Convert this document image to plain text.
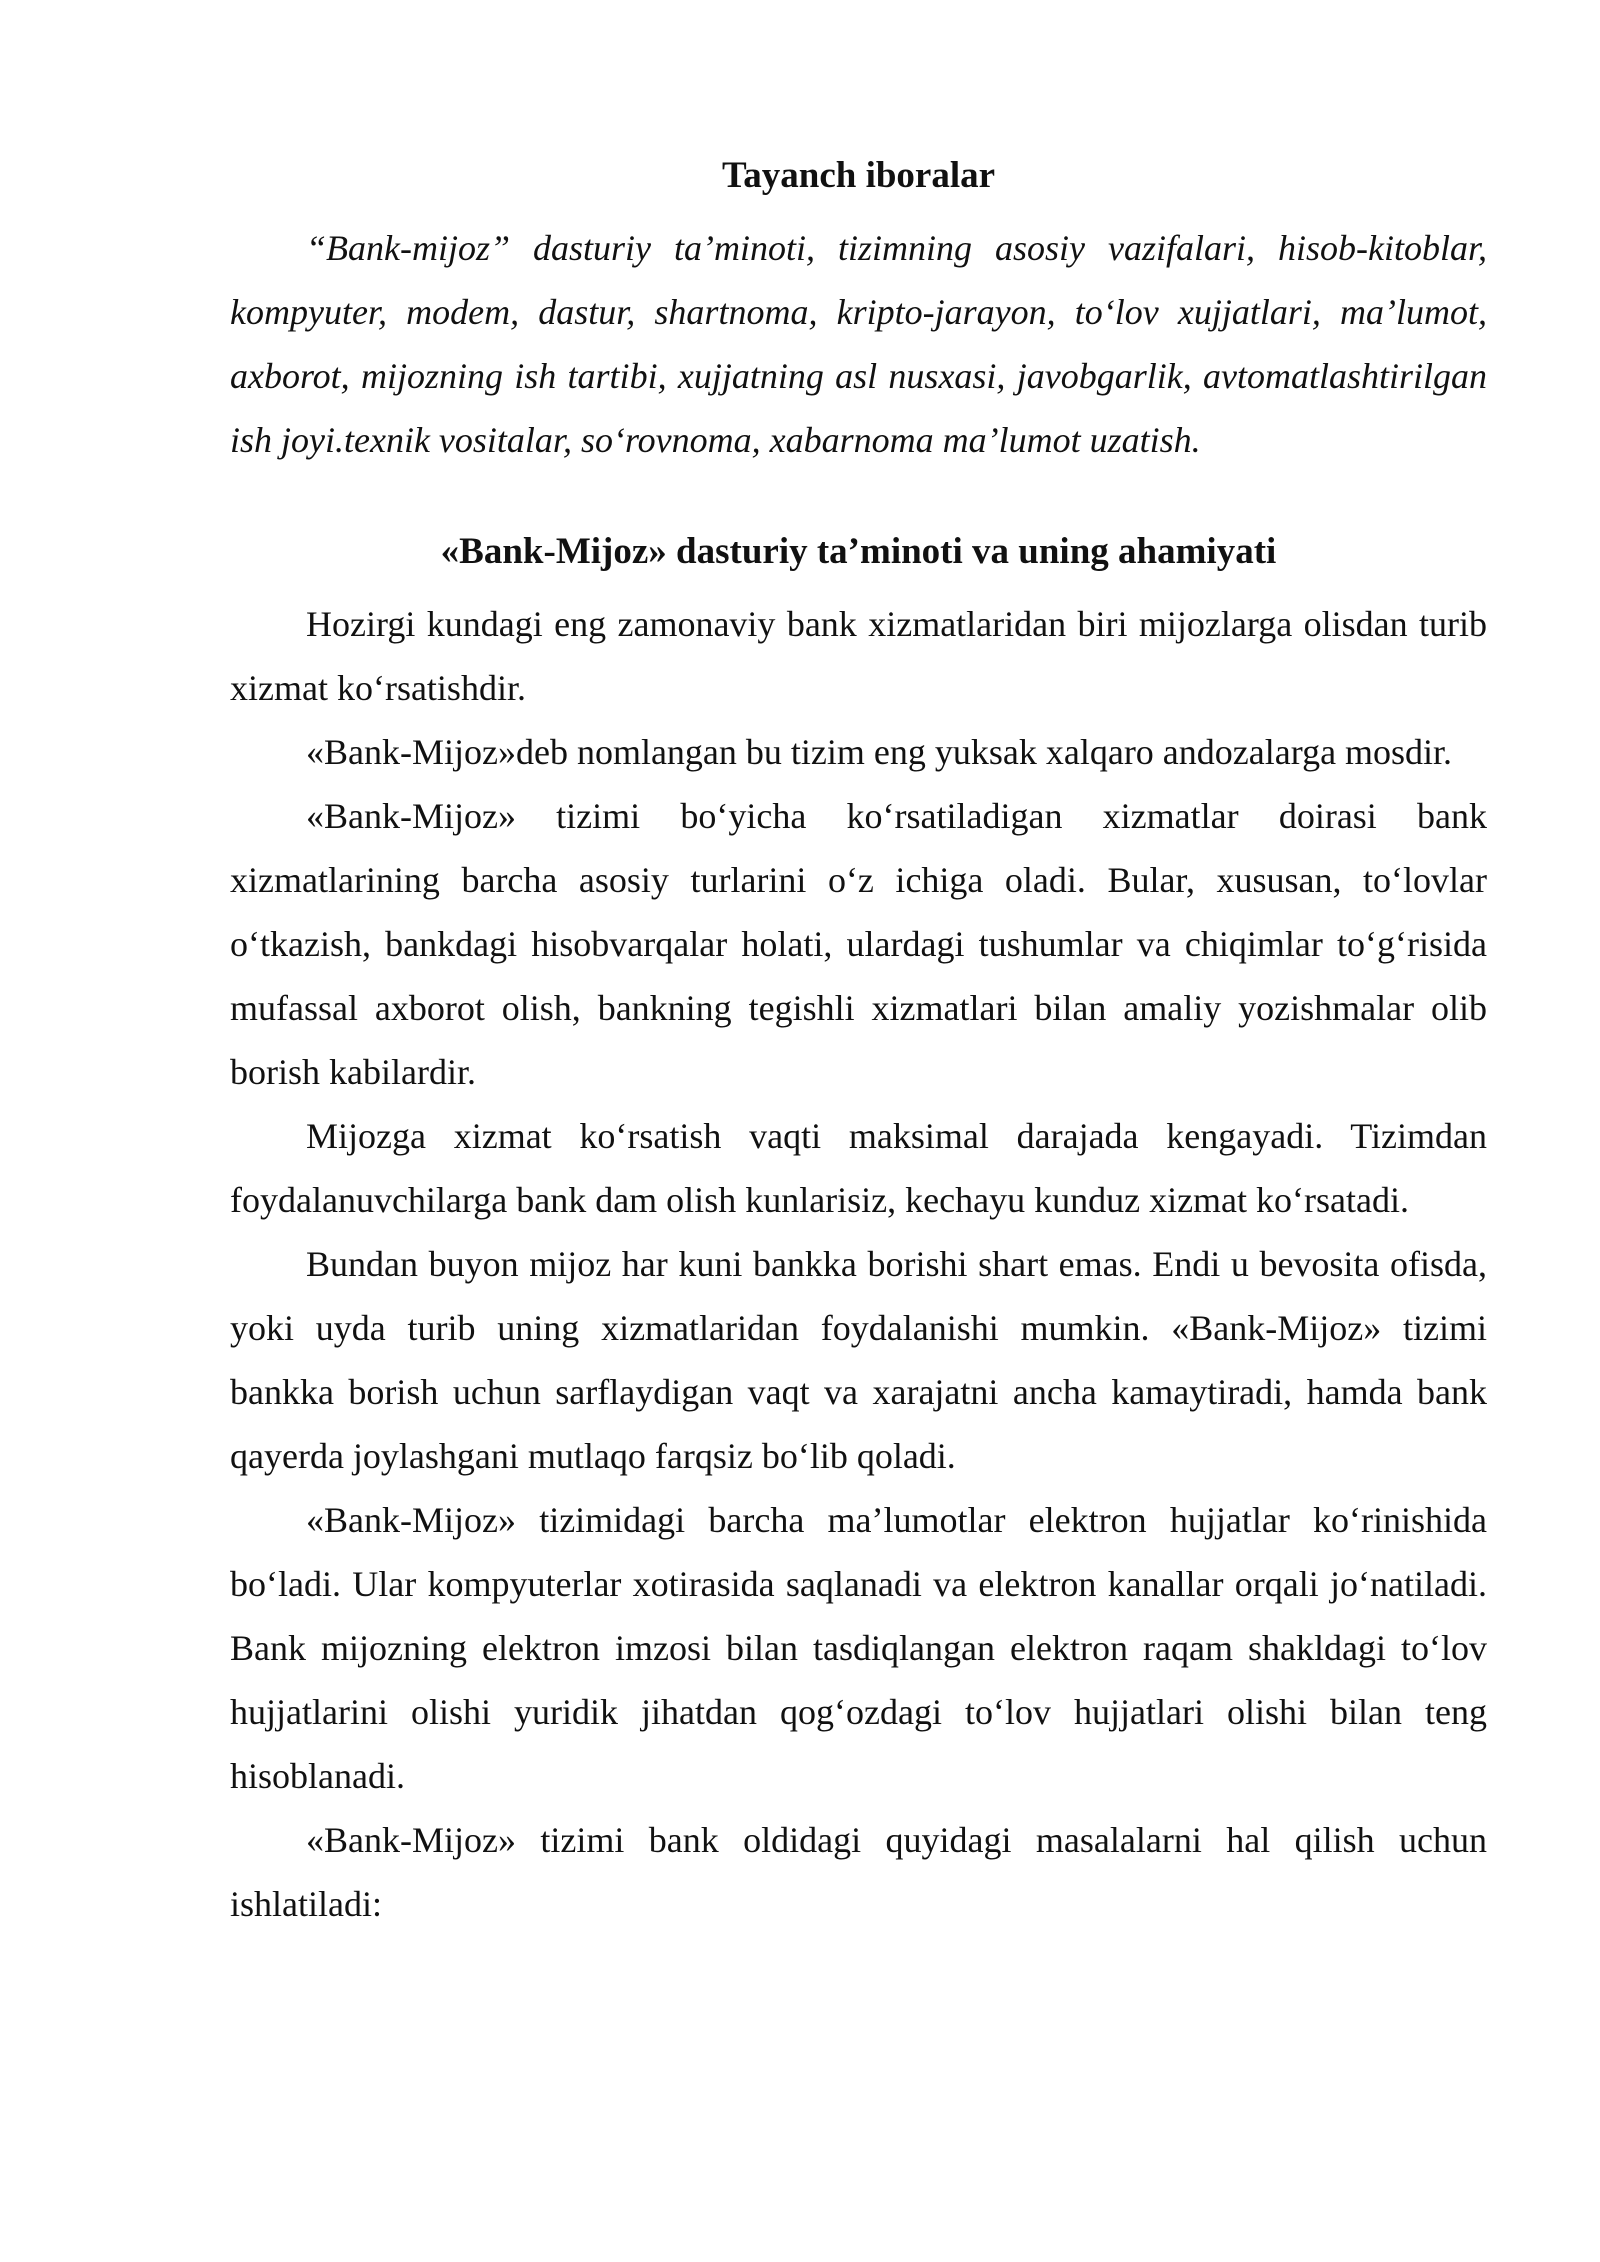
Tayanch iboralar

“Bank-mijoz” dasturiy ta’minoti, tizimning asosiy vazifalari, hisob-kitoblar, kompyuter, modem, dastur, shartnoma, kripto-jarayon, to‘lov xujjatlari, ma’lumot, axborot, mijozning ish tartibi, xujjatning asl nusxasi, javobgarlik, avtomatlashtirilgan ish joyi.texnik vositalar, so‘rovnoma, xabarnoma ma’lumot uzatish.

«Bank-Mijoz» dasturiy ta’minoti va uning ahamiyati

Hozirgi kundagi eng zamonaviy bank xizmatlaridan biri mijozlarga olisdan turib xizmat ko‘rsatishdir.

«Bank-Mijoz»deb nomlangan bu tizim eng yuksak xalqaro andozalarga mosdir.

«Bank-Mijoz» tizimi bo‘yicha ko‘rsatiladigan xizmatlar doirasi bank xizmatlarining barcha asosiy turlarini o‘z ichiga oladi. Bular, xususan, to‘lovlar o‘tkazish, bankdagi hisobvarqalar holati, ulardagi tushumlar va chiqimlar to‘g‘risida mufassal axborot olish, bankning tegishli xizmatlari bilan amaliy yozishmalar olib borish kabilardir.

Mijozga xizmat ko‘rsatish vaqti maksimal darajada kengayadi. Tizimdan foydalanuvchilarga bank dam olish kunlarisiz, kechayu kunduz xizmat ko‘rsatadi.

Bundan buyon mijoz har kuni bankka borishi shart emas. Endi u bevosita ofisda, yoki uyda turib uning xizmatlaridan foydalanishi mumkin. «Bank-Mijoz» tizimi bankka borish uchun sarflaydigan vaqt va xarajatni ancha kamaytiradi, hamda bank qayerda joylashgani mutlaqo farqsiz bo‘lib qoladi.

«Bank-Mijoz» tizimidagi barcha ma’lumotlar elektron hujjatlar ko‘rinishida bo‘ladi. Ular kompyuterlar xotirasida saqlanadi va elektron kanallar orqali jo‘natiladi. Bank mijozning elektron imzosi bilan tasdiqlangan elektron raqam shakldagi to‘lov hujjatlarini olishi yuridik jihatdan qog‘ozdagi to‘lov hujjatlari olishi bilan teng hisoblanadi.

«Bank-Mijoz» tizimi bank oldidagi quyidagi masalalarni hal qilish uchun ishlatiladi:
